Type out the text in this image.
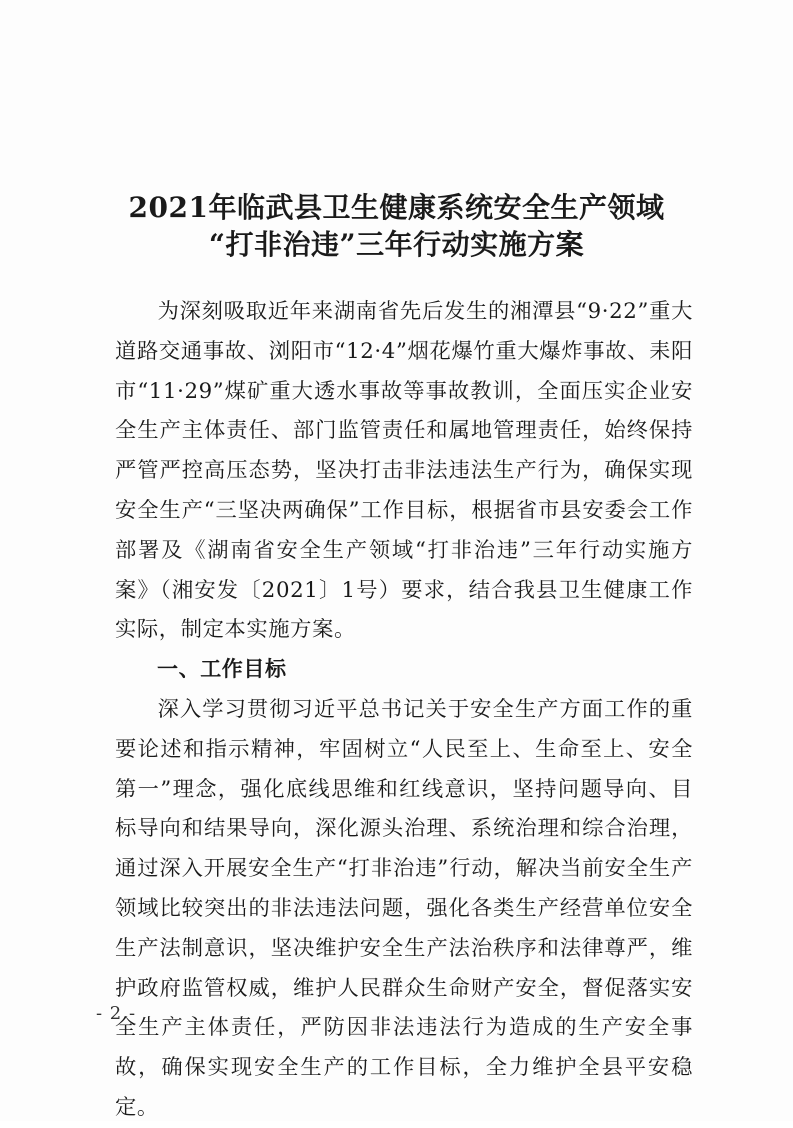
2021年临武县卫生健康系统安全生产领域
“打非治违”三年行动实施方案

为深刻吸取近年来湖南省先后发生的湘潭县“9·22”重大道路交通事故、浏阳市“12·4”烟花爆竹重大爆炸事故、耒阳市“11·29”煤矿重大透水事故等事故教训，全面压实企业安全生产主体责任、部门监管责任和属地管理责任，始终保持严管严控高压态势，坚决打击非法违法生产行为，确保实现安全生产“三坚决两确保”工作目标，根据省市县安委会工作部署及《湖南省安全生产领域“打非治违”三年行动实施方案》（湘安发〔2021〕1号）要求，结合我县卫生健康工作实际，制定本实施方案。

一、工作目标

深入学习贯彻习近平总书记关于安全生产方面工作的重要论述和指示精神，牢固树立“人民至上、生命至上、安全第一”理念，强化底线思维和红线意识，坚持问题导向、目标导向和结果导向，深化源头治理、系统治理和综合治理，通过深入开展安全生产“打非治违”行动，解决当前安全生产领域比较突出的非法违法问题，强化各类生产经营单位安全生产法制意识，坚决维护安全生产法治秩序和法律尊严，维护政府监管权威，维护人民群众生命财产安全，督促落实安全生产主体责任，严防因非法违法行为造成的生产安全事故，确保实现安全生产的工作目标，全力维护全县平安稳定。

- 2 -
